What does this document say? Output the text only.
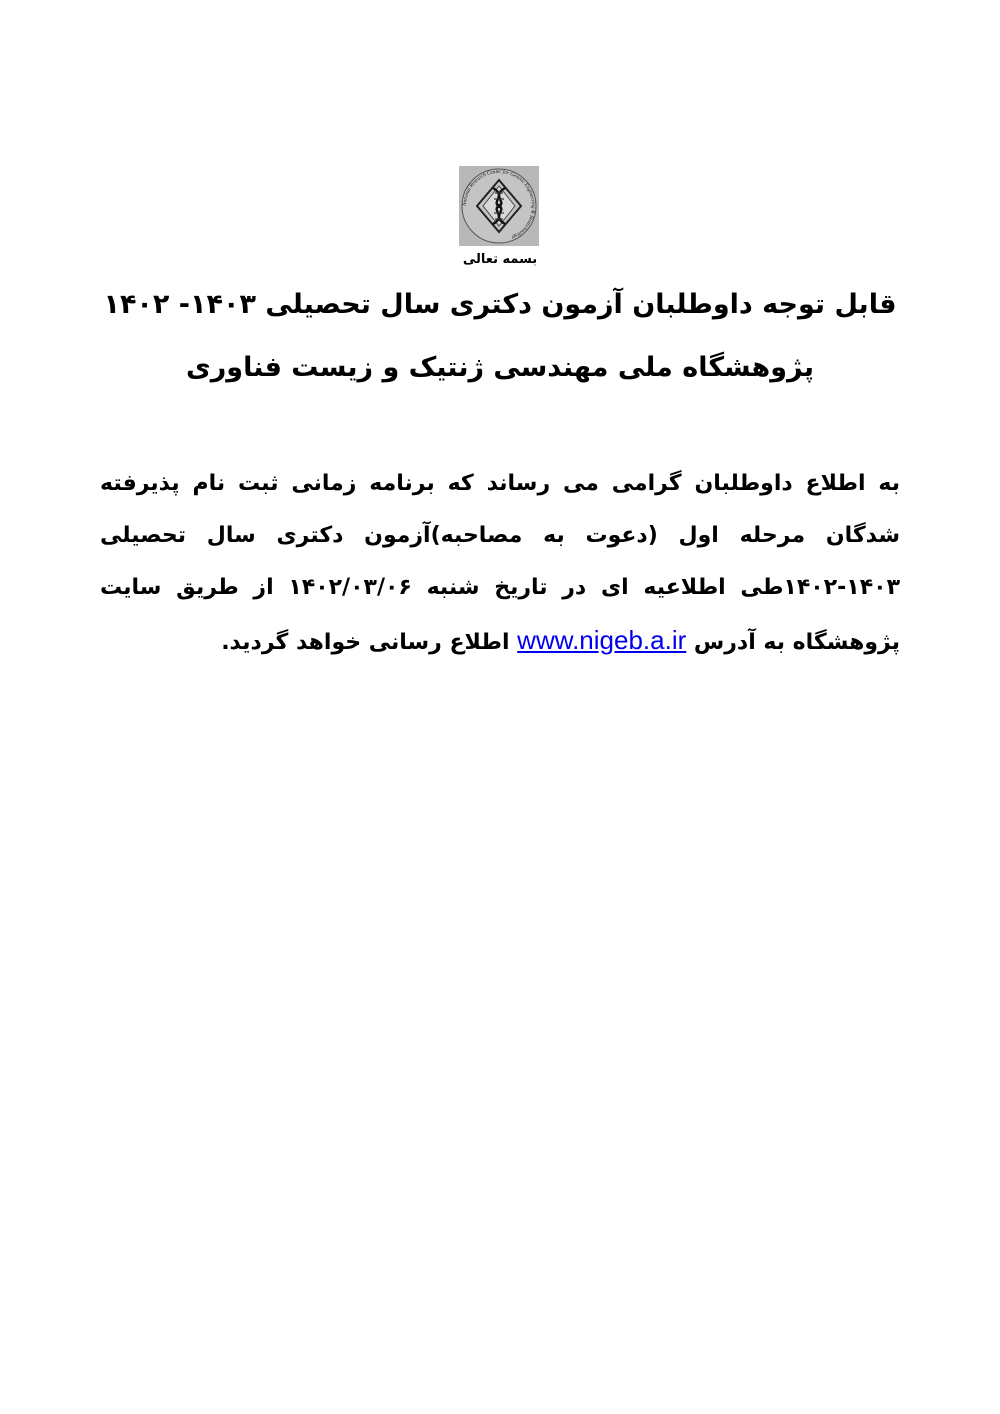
National Research Center for Genetic Engineering & Biotechnology
بسمه تعالی
قابل توجه داوطلبان آزمون دکتری سال تحصیلی ۱۴۰۳- ۱۴۰۲
پژوهشگاه ملی مهندسی ژنتیک و زیست فناوری

به اطلاع داوطلبان گرامی می رساند که برنامه زمانی ثبت نام پذیرفته شدگان مرحله اول (دعوت به مصاحبه)آزمون دکتری سال تحصیلی ۱۴۰۳-۱۴۰۲طی اطلاعیه ای در تاریخ شنبه ۱۴۰۲/۰۳/۰۶ از طریق سایت پژوهشگاه به آدرس www.nigeb.a.ir اطلاع رسانی خواهد گردید.
